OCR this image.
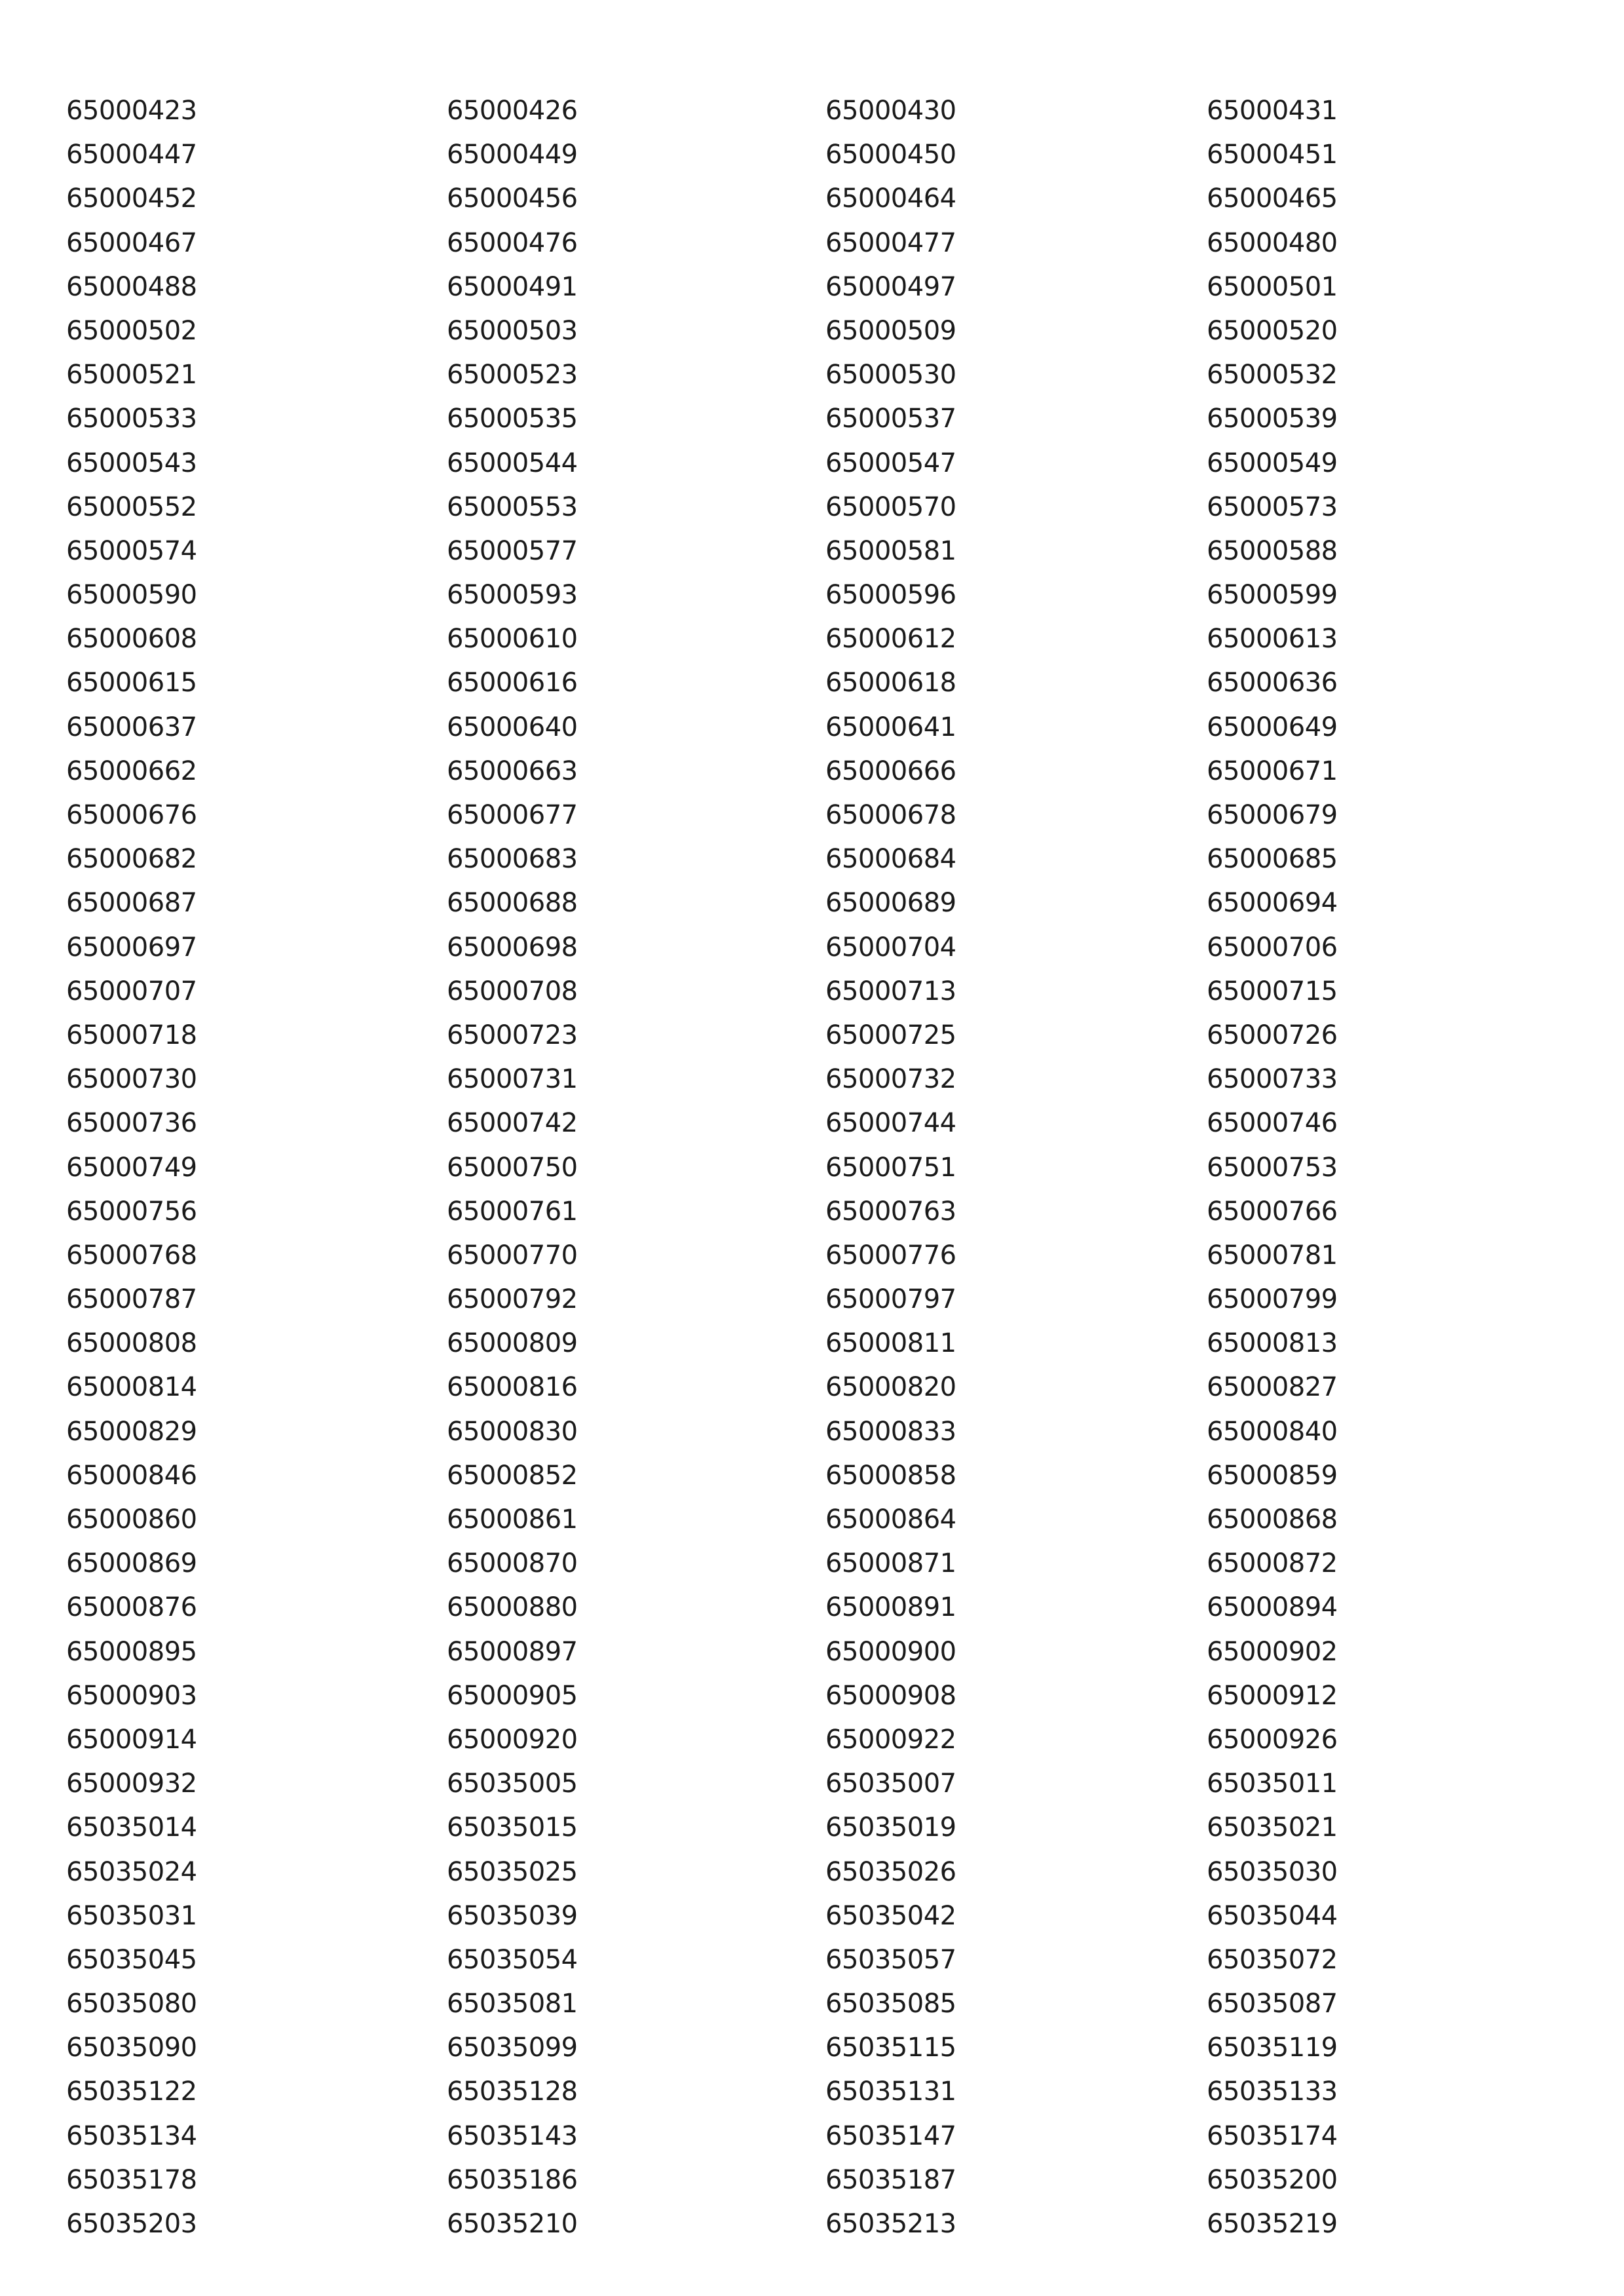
65000423	65000426	65000430	65000431
65000447	65000449	65000450	65000451
65000452	65000456	65000464	65000465
65000467	65000476	65000477	65000480
65000488	65000491	65000497	65000501
65000502	65000503	65000509	65000520
65000521	65000523	65000530	65000532
65000533	65000535	65000537	65000539
65000543	65000544	65000547	65000549
65000552	65000553	65000570	65000573
65000574	65000577	65000581	65000588
65000590	65000593	65000596	65000599
65000608	65000610	65000612	65000613
65000615	65000616	65000618	65000636
65000637	65000640	65000641	65000649
65000662	65000663	65000666	65000671
65000676	65000677	65000678	65000679
65000682	65000683	65000684	65000685
65000687	65000688	65000689	65000694
65000697	65000698	65000704	65000706
65000707	65000708	65000713	65000715
65000718	65000723	65000725	65000726
65000730	65000731	65000732	65000733
65000736	65000742	65000744	65000746
65000749	65000750	65000751	65000753
65000756	65000761	65000763	65000766
65000768	65000770	65000776	65000781
65000787	65000792	65000797	65000799
65000808	65000809	65000811	65000813
65000814	65000816	65000820	65000827
65000829	65000830	65000833	65000840
65000846	65000852	65000858	65000859
65000860	65000861	65000864	65000868
65000869	65000870	65000871	65000872
65000876	65000880	65000891	65000894
65000895	65000897	65000900	65000902
65000903	65000905	65000908	65000912
65000914	65000920	65000922	65000926
65000932	65035005	65035007	65035011
65035014	65035015	65035019	65035021
65035024	65035025	65035026	65035030
65035031	65035039	65035042	65035044
65035045	65035054	65035057	65035072
65035080	65035081	65035085	65035087
65035090	65035099	65035115	65035119
65035122	65035128	65035131	65035133
65035134	65035143	65035147	65035174
65035178	65035186	65035187	65035200
65035203	65035210	65035213	65035219
